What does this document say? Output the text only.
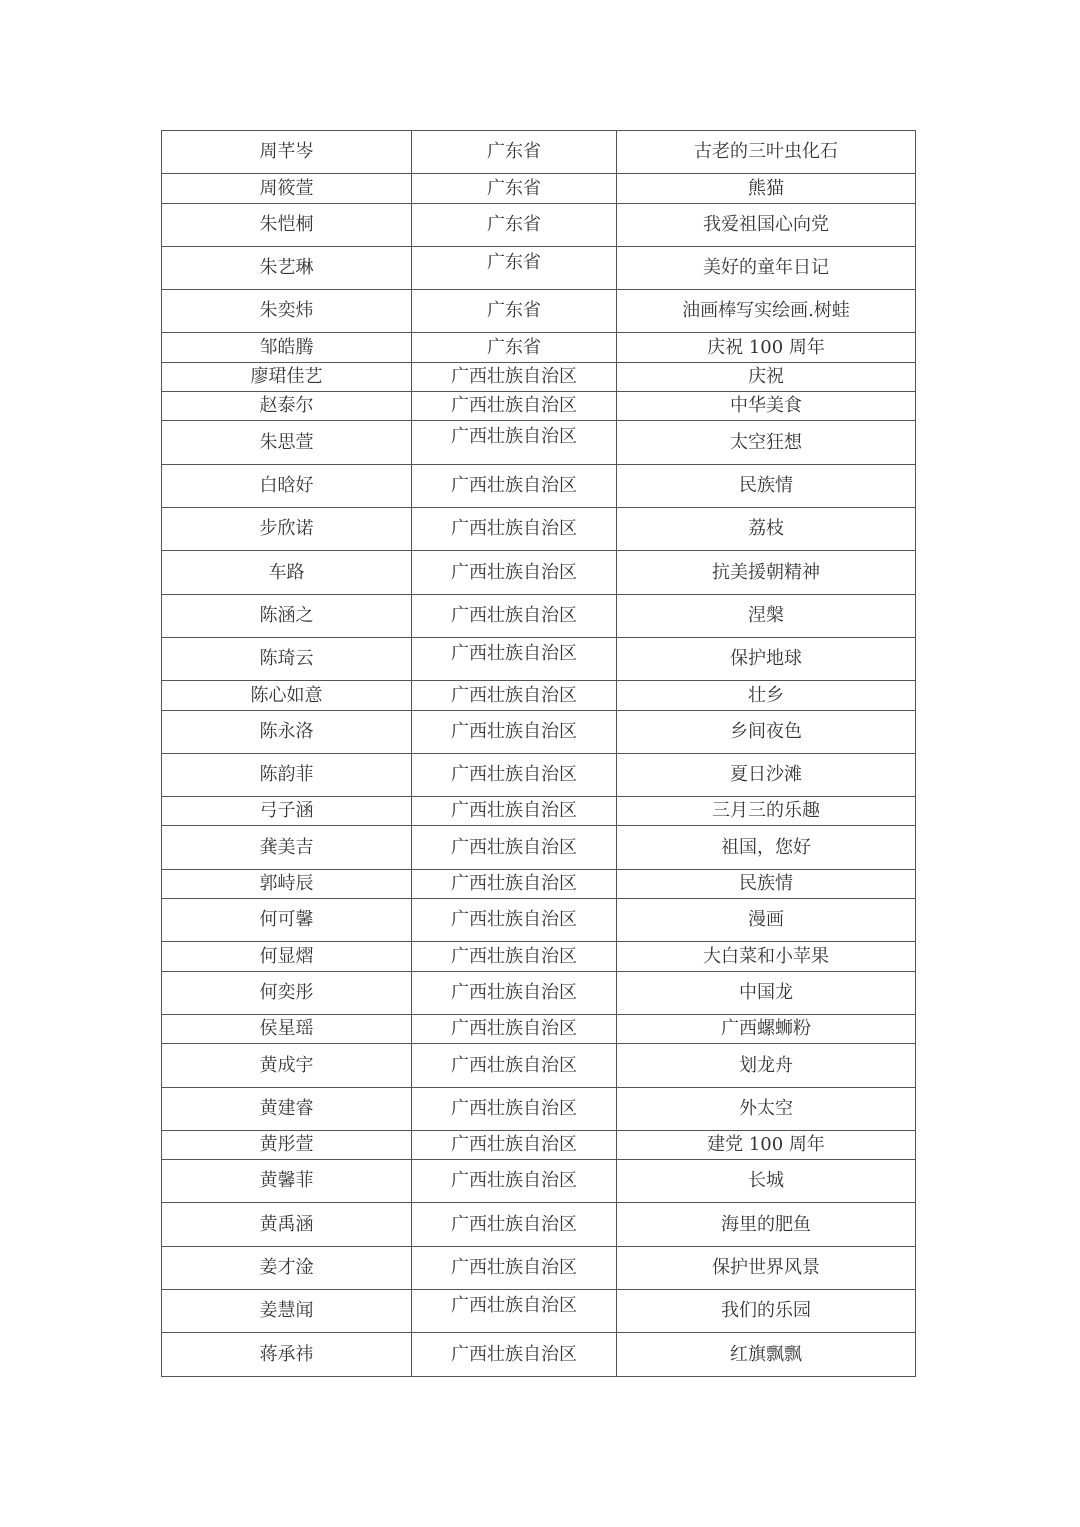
周芊岑	广东省	古老的三叶虫化石
周筱萱	广东省	熊猫
朱恺桐	广东省	我爱祖国心向党
朱艺琳	广东省	美好的童年日记
朱奕炜	广东省	油画棒写实绘画.树蛙
邹皓腾	广东省	庆祝 100 周年
廖珺佳艺	广西壮族自治区	庆祝
赵泰尔	广西壮族自治区	中华美食
朱思萱	广西壮族自治区	太空狂想
白晗好	广西壮族自治区	民族情
步欣诺	广西壮族自治区	荔枝
车路	广西壮族自治区	抗美援朝精神
陈涵之	广西壮族自治区	涅槃
陈琦云	广西壮族自治区	保护地球
陈心如意	广西壮族自治区	壮乡
陈永洛	广西壮族自治区	乡间夜色
陈韵菲	广西壮族自治区	夏日沙滩
弓子涵	广西壮族自治区	三月三的乐趣
龚美吉	广西壮族自治区	祖国，您好
郭峙辰	广西壮族自治区	民族情
何可馨	广西壮族自治区	漫画
何显熠	广西壮族自治区	大白菜和小苹果
何奕彤	广西壮族自治区	中国龙
侯星瑶	广西壮族自治区	广西螺蛳粉
黄成宇	广西壮族自治区	划龙舟
黄建睿	广西壮族自治区	外太空
黄彤萱	广西壮族自治区	建党 100 周年
黄馨菲	广西壮族自治区	长城
黄禹涵	广西壮族自治区	海里的肥鱼
姜才淦	广西壮族自治区	保护世界风景
姜慧闻	广西壮族自治区	我们的乐园
蒋承祎	广西壮族自治区	红旗飘飘
